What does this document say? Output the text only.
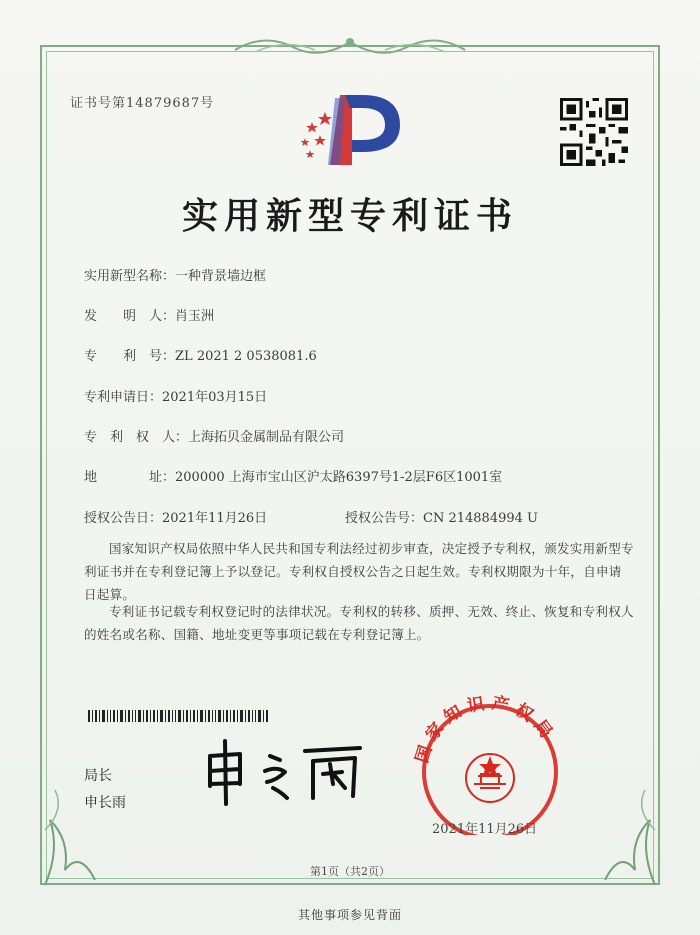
证书号第14879687号
实用新型专利证书
实用新型名称：一种背景墙边框
发　　明　人：肖玉洲
专　　利　号：ZL 2021 2 0538081.6
专利申请日：2021年03月15日
专　利　权　人：上海拓贝金属制品有限公司
地　　　　址：200000 上海市宝山区沪太路6397号1-2层F6区1001室
授权公告日：2021年11月26日	授权公告号：CN 214884994 U
国家知识产权局依照中华人民共和国专利法经过初步审查，决定授予专利权，颁发实用新型专利证书并在专利登记簿上予以登记。专利权自授权公告之日起生效。专利权期限为十年，自申请日起算。
专利证书记载专利权登记时的法律状况。专利权的转移、质押、无效、终止、恢复和专利权人的姓名或名称、国籍、地址变更等事项记载在专利登记簿上。
局长
申长雨
国家知识产权局
2021年11月26日
第1页（共2页）
其他事项参见背面
